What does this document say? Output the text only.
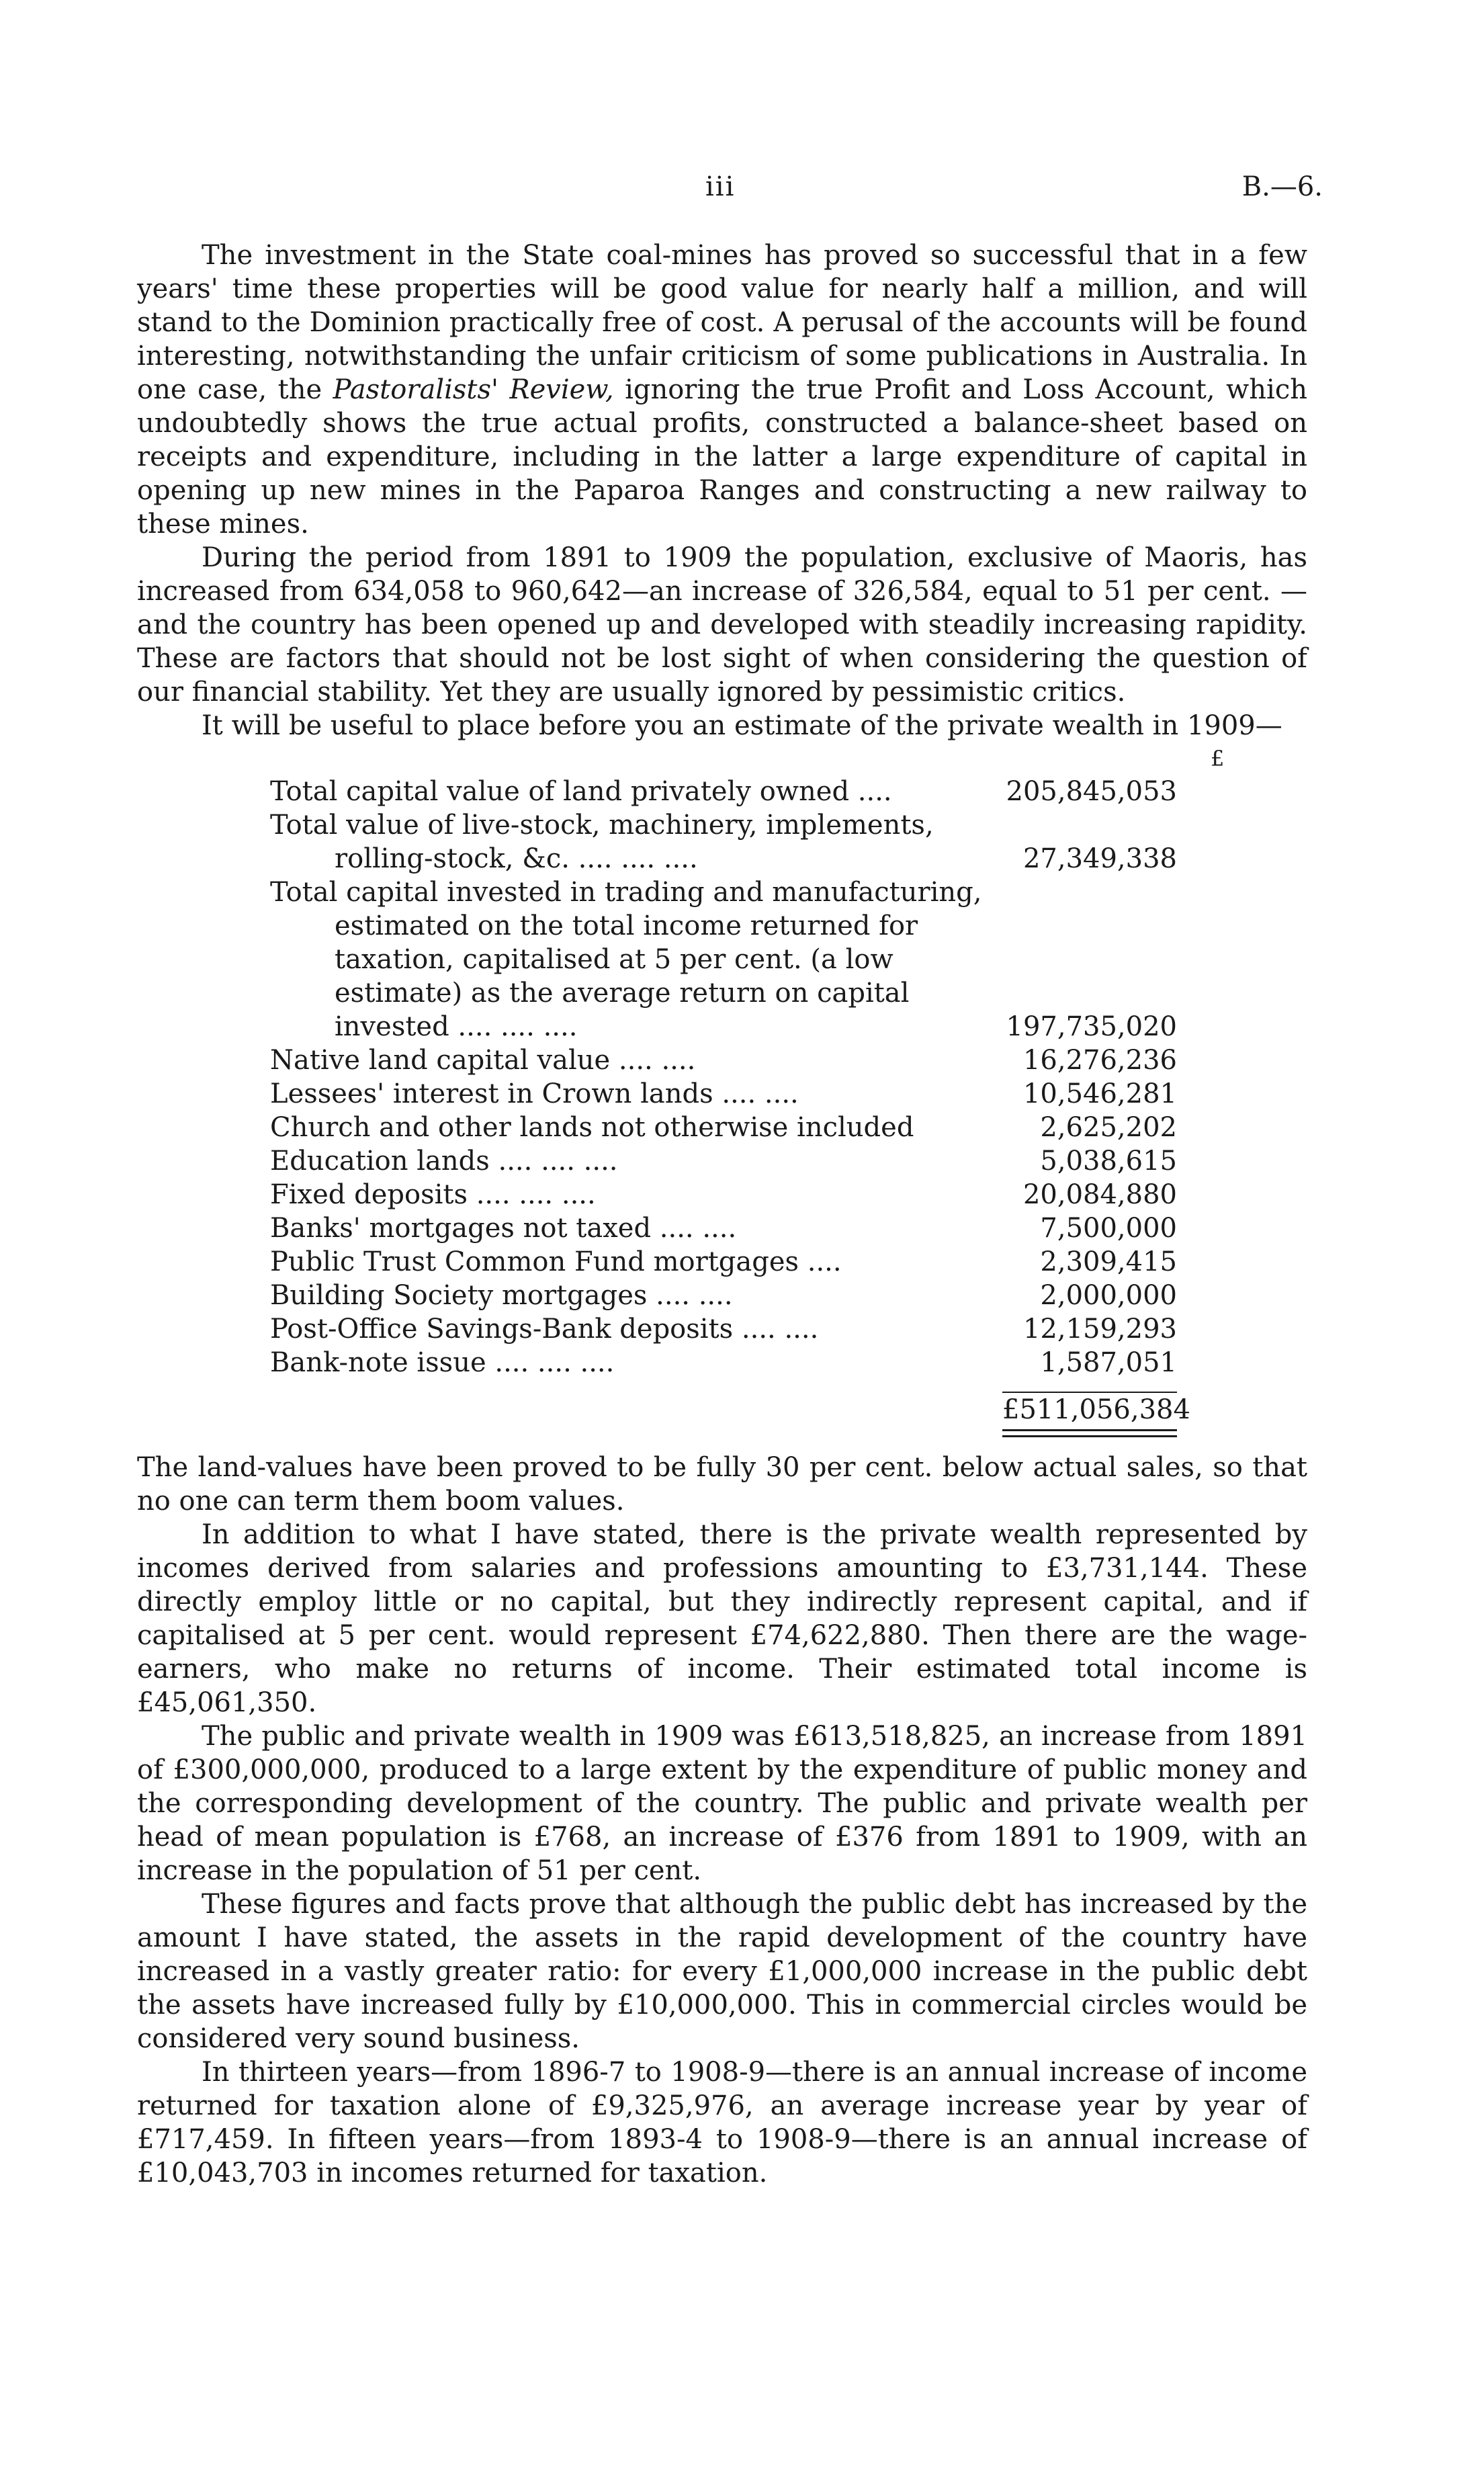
iii	B.—6.

The investment in the State coal-mines has proved so successful that in a few years' time these properties will be good value for nearly half a million, and will stand to the Dominion practically free of cost. A perusal of the accounts will be found interesting, notwithstanding the unfair criticism of some publications in Australia. In one case, the Pastoralists' Review, ignoring the true Profit and Loss Account, which undoubtedly shows the true actual profits, constructed a balance-sheet based on receipts and expenditure, including in the latter a large expenditure of capital in opening up new mines in the Paparoa Ranges and constructing a new railway to these mines.

During the period from 1891 to 1909 the population, exclusive of Maoris, has increased from 634,058 to 960,642—an increase of 326,584, equal to 51 per cent. —and the country has been opened up and developed with steadily increasing rapidity. These are factors that should not be lost sight of when considering the question of our financial stability. Yet they are usually ignored by pessimistic critics.

It will be useful to place before you an estimate of the private wealth in 1909—

£
Total capital value of land privately owned ....	205,845,053
Total value of live-stock, machinery, implements, rolling-stock, &c. .... .... ....	27,349,338
Total capital invested in trading and manufacturing, estimated on the total income returned for taxation, capitalised at 5 per cent. (a low estimate) as the average return on capital invested .... .... ....	197,735,020
Native land capital value .... ....	16,276,236
Lessees' interest in Crown lands .... ....	10,546,281
Church and other lands not otherwise included	2,625,202
Education lands .... .... ....	5,038,615
Fixed deposits .... .... ....	20,084,880
Banks' mortgages not taxed .... ....	7,500,000
Public Trust Common Fund mortgages ....	2,309,415
Building Society mortgages .... ....	2,000,000
Post-Office Savings-Bank deposits .... ....	12,159,293
Bank-note issue .... .... ....	1,587,051
£511,056,384

The land-values have been proved to be fully 30 per cent. below actual sales, so that no one can term them boom values.

In addition to what I have stated, there is the private wealth represented by incomes derived from salaries and professions amounting to £3,731,144. These directly employ little or no capital, but they indirectly represent capital, and if capitalised at 5 per cent. would represent £74,622,880. Then there are the wage-earners, who make no returns of income. Their estimated total income is £45,061,350.

The public and private wealth in 1909 was £613,518,825, an increase from 1891 of £300,000,000, produced to a large extent by the expenditure of public money and the corresponding development of the country. The public and private wealth per head of mean population is £768, an increase of £376 from 1891 to 1909, with an increase in the population of 51 per cent.

These figures and facts prove that although the public debt has increased by the amount I have stated, the assets in the rapid development of the country have increased in a vastly greater ratio: for every £1,000,000 increase in the public debt the assets have increased fully by £10,000,000. This in commercial circles would be considered very sound business.

In thirteen years—from 1896-7 to 1908-9—there is an annual increase of income returned for taxation alone of £9,325,976, an average increase year by year of £717,459. In fifteen years—from 1893-4 to 1908-9—there is an annual increase of £10,043,703 in incomes returned for taxation.
